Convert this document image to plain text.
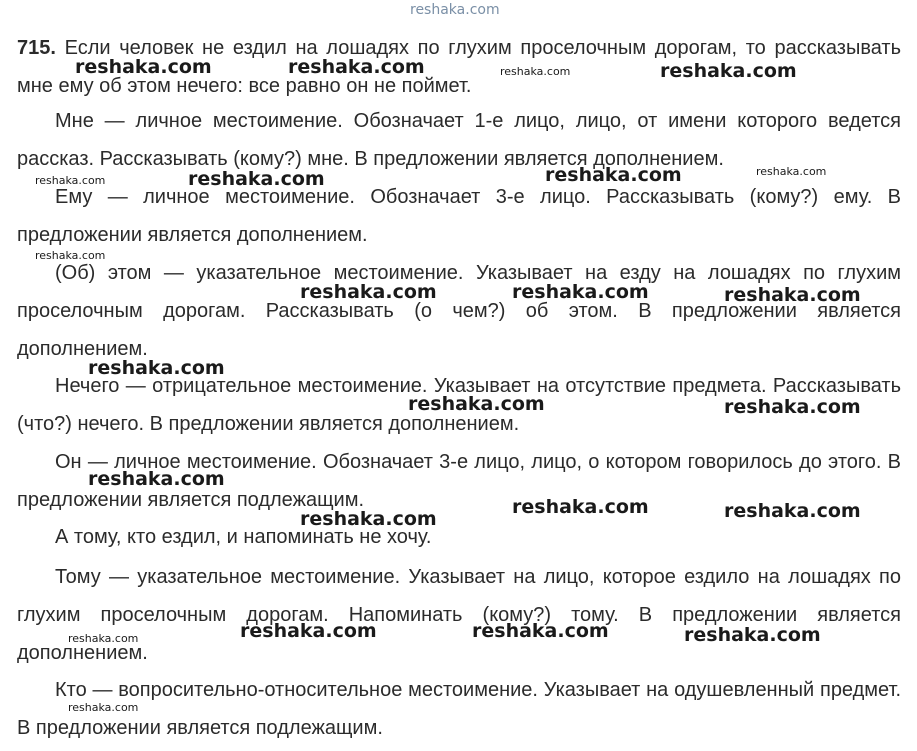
reshaka.com

715. Если человек не ездил на лошадях по глухим проселочным дорогам, то рассказывать мне ему об этом нечего: все равно он не поймет.

Мне — личное местоимение. Обозначает 1-е лицо, лицо, от имени которого ведется рассказ. Рассказывать (кому?) мне. В предложении является дополнением.

Ему — личное местоимение. Обозначает 3-е лицо. Рассказывать (кому?) ему. В предложении является дополнением.

(Об) этом — указательное местоимение. Указывает на езду на лошадях по глухим проселочным дорогам. Рассказывать (о чем?) об этом. В предложении является дополнением.

Нечего — отрицательное местоимение. Указывает на отсутствие предмета. Рассказывать (что?) нечего. В предложении является дополнением.

Он — личное местоимение. Обозначает 3-е лицо, лицо, о котором говорилось до этого. В предложении является подлежащим.

А тому, кто ездил, и напоминать не хочу.

Тому — указательное местоимение. Указывает на лицо, которое ездило на лошадях по глухим проселочным дорогам. Напоминать (кому?) тому. В предложении является дополнением.

Кто — вопросительно-относительное местоимение. Указывает на одушевленный предмет. В предложении является подлежащим.

reshaka.com	reshaka.com	reshaka.com	reshaka.com
reshaka.com	reshaka.com
reshaka.com	reshaka.com
reshaka.com
reshaka.com	reshaka.com	reshaka.com
reshaka.com
reshaka.com	reshaka.com
reshaka.com
reshaka.com
reshaka.com	reshaka.com
reshaka.com	reshaka.com	reshaka.com	reshaka.com
reshaka.com
